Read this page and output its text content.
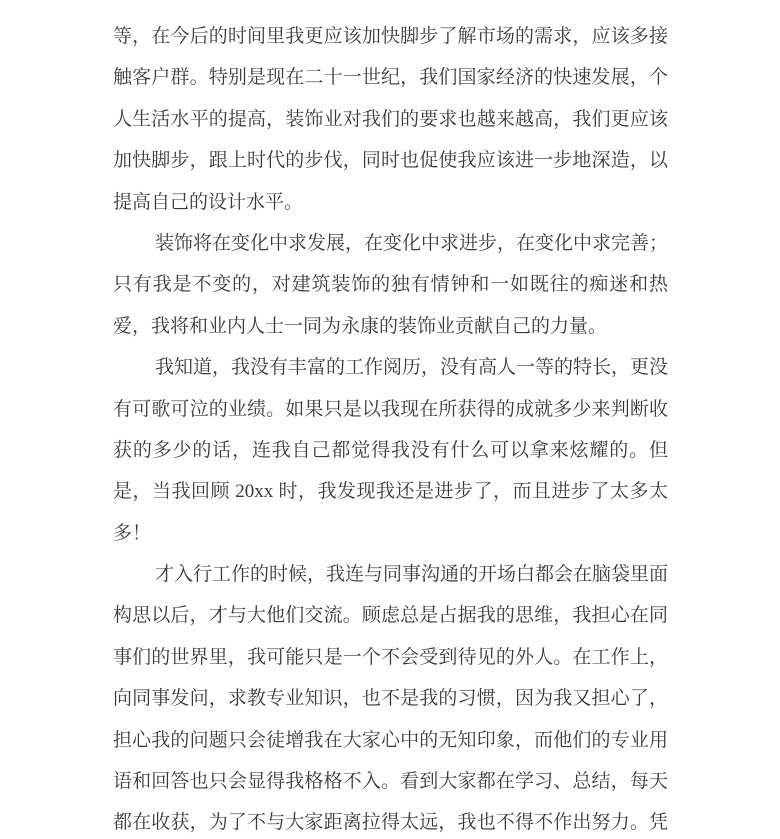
等，在今后的时间里我更应该加快脚步了解市场的需求，应该多接

触客户群。特别是现在二十一世纪，我们国家经济的快速发展，个

人生活水平的提高，装饰业对我们的要求也越来越高，我们更应该

加快脚步，跟上时代的步伐，同时也促使我应该进一步地深造，以

提高自己的设计水平。

装饰将在变化中求发展，在变化中求进步，在变化中求完善；

只有我是不变的，对建筑装饰的独有情钟和一如既往的痴迷和热

爱，我将和业内人士一同为永康的装饰业贡献自己的力量。

我知道，我没有丰富的工作阅历，没有高人一等的特长，更没

有可歌可泣的业绩。如果只是以我现在所获得的成就多少来判断收

获的多少的话，连我自己都觉得我没有什么可以拿来炫耀的。但

是，当我回顾 20xx 时，我发现我还是进步了，而且进步了太多太

多！

才入行工作的时候，我连与同事沟通的开场白都会在脑袋里面

构思以后，才与大他们交流。顾虑总是占据我的思维，我担心在同

事们的世界里，我可能只是一个不会受到待见的外人。在工作上，

向同事发问，求教专业知识，也不是我的习惯，因为我又担心了，

担心我的问题只会徒增我在大家心中的无知印象，而他们的专业用

语和回答也只会显得我格格不入。看到大家都在学习、总结，每天

都在收获，为了不与大家距离拉得太远，我也不得不作出努力。凭
